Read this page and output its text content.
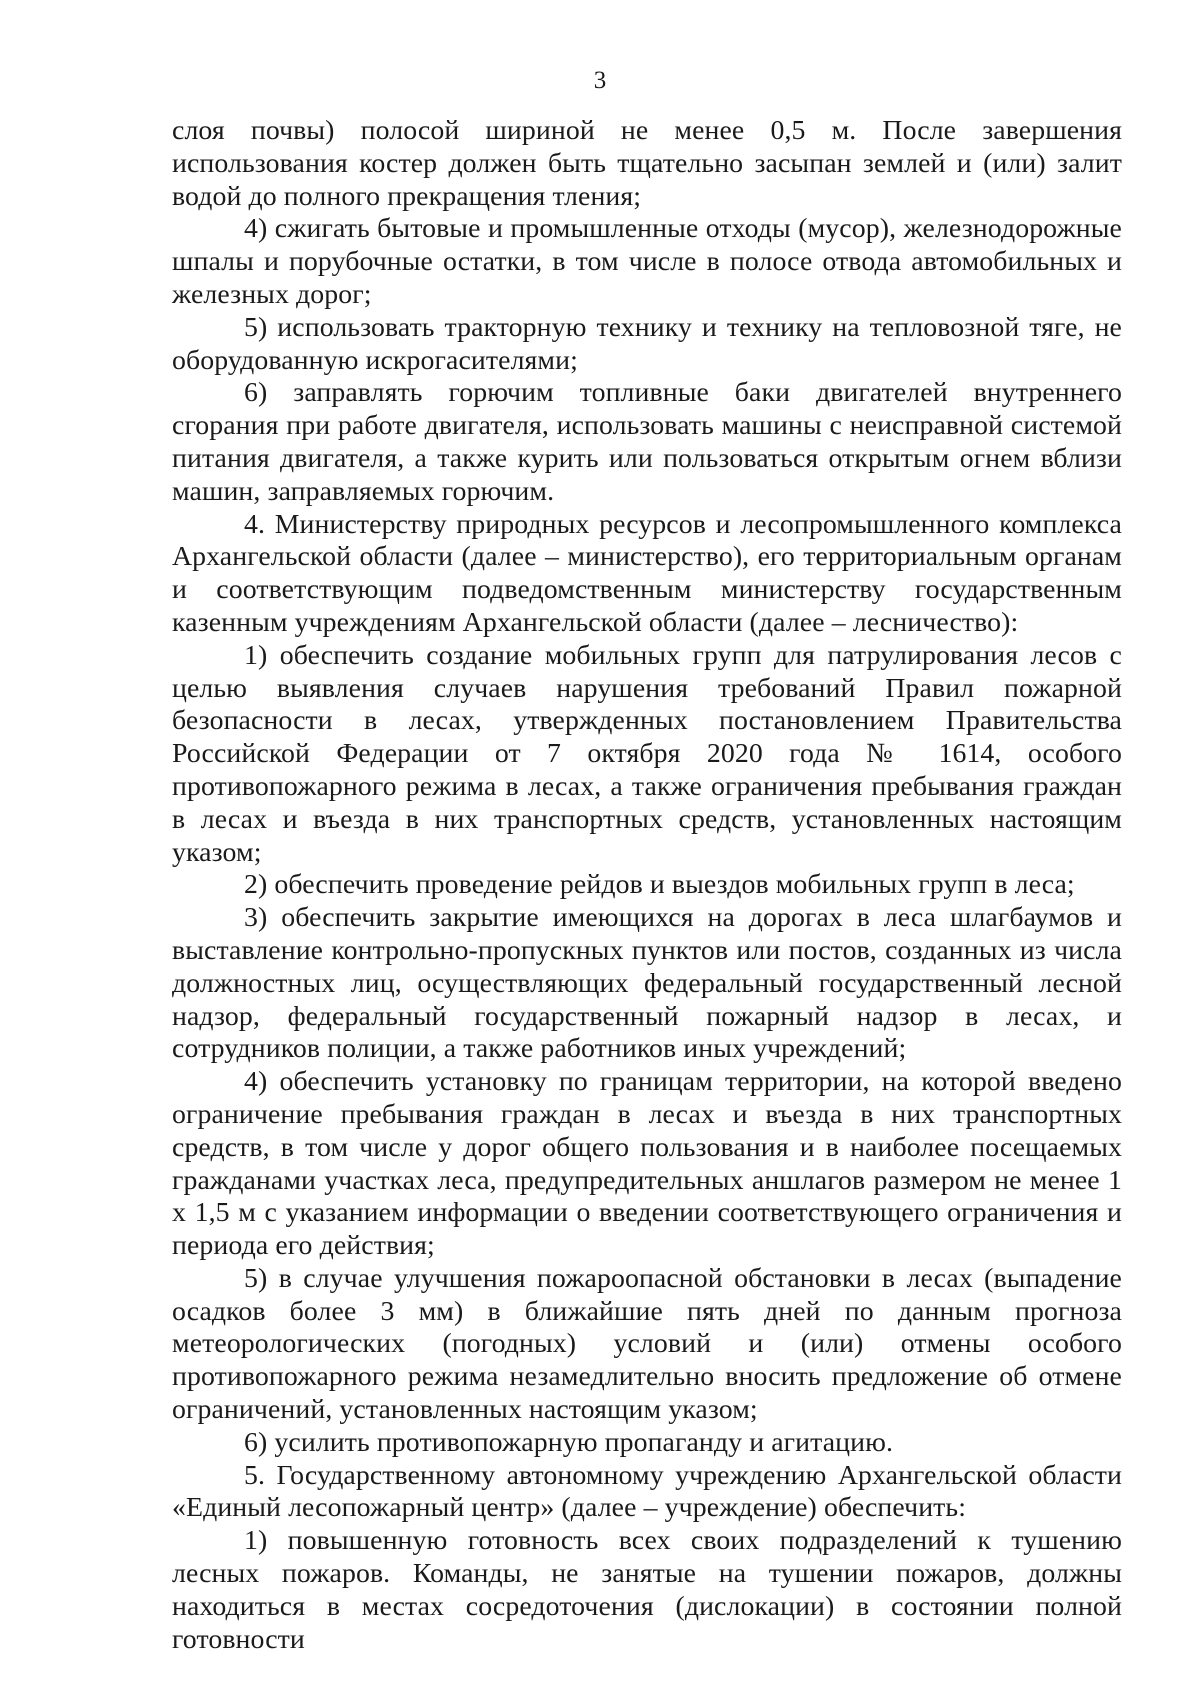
3

слоя почвы) полосой шириной не менее 0,5 м. После завершения использования костер должен быть тщательно засыпан землей и (или) залит водой до полного прекращения тления;

4) сжигать бытовые и промышленные отходы (мусор), железнодорожные шпалы и порубочные остатки, в том числе в полосе отвода автомобильных и железных дорог;

5) использовать тракторную технику и технику на тепловозной тяге, не оборудованную искрогасителями;

6) заправлять горючим топливные баки двигателей внутреннего сгорания при работе двигателя, использовать машины с неисправной системой питания двигателя, а также курить или пользоваться открытым огнем вблизи машин, заправляемых горючим.

4. Министерству природных ресурсов и лесопромышленного комплекса Архангельской области (далее – министерство), его территориальным органам и соответствующим подведомственным министерству государственным казенным учреждениям Архангельской области (далее – лесничество):

1) обеспечить создание мобильных групп для патрулирования лесов с целью выявления случаев нарушения требований Правил пожарной безопасности в лесах, утвержденных постановлением Правительства Российской Федерации от 7 октября 2020 года № 1614, особого противопожарного режима в лесах, а также ограничения пребывания граждан в лесах и въезда в них транспортных средств, установленных настоящим указом;

2) обеспечить проведение рейдов и выездов мобильных групп в леса;

3) обеспечить закрытие имеющихся на дорогах в леса шлагбаумов и выставление контрольно-пропускных пунктов или постов, созданных из числа должностных лиц, осуществляющих федеральный государственный лесной надзор, федеральный государственный пожарный надзор в лесах, и сотрудников полиции, а также работников иных учреждений;

4) обеспечить установку по границам территории, на которой введено ограничение пребывания граждан в лесах и въезда в них транспортных средств, в том числе у дорог общего пользования и в наиболее посещаемых гражданами участках леса, предупредительных аншлагов размером не менее 1 х 1,5 м с указанием информации о введении соответствующего ограничения и периода его действия;

5) в случае улучшения пожароопасной обстановки в лесах (выпадение осадков более 3 мм) в ближайшие пять дней по данным прогноза метеорологических (погодных) условий и (или) отмены особого противопожарного режима незамедлительно вносить предложение об отмене ограничений, установленных настоящим указом;

6) усилить противопожарную пропаганду и агитацию.

5. Государственному автономному учреждению Архангельской области «Единый лесопожарный центр» (далее – учреждение) обеспечить:

1) повышенную готовность всех своих подразделений к тушению лесных пожаров. Команды, не занятые на тушении пожаров, должны находиться в местах сосредоточения (дислокации) в состоянии полной готовности
